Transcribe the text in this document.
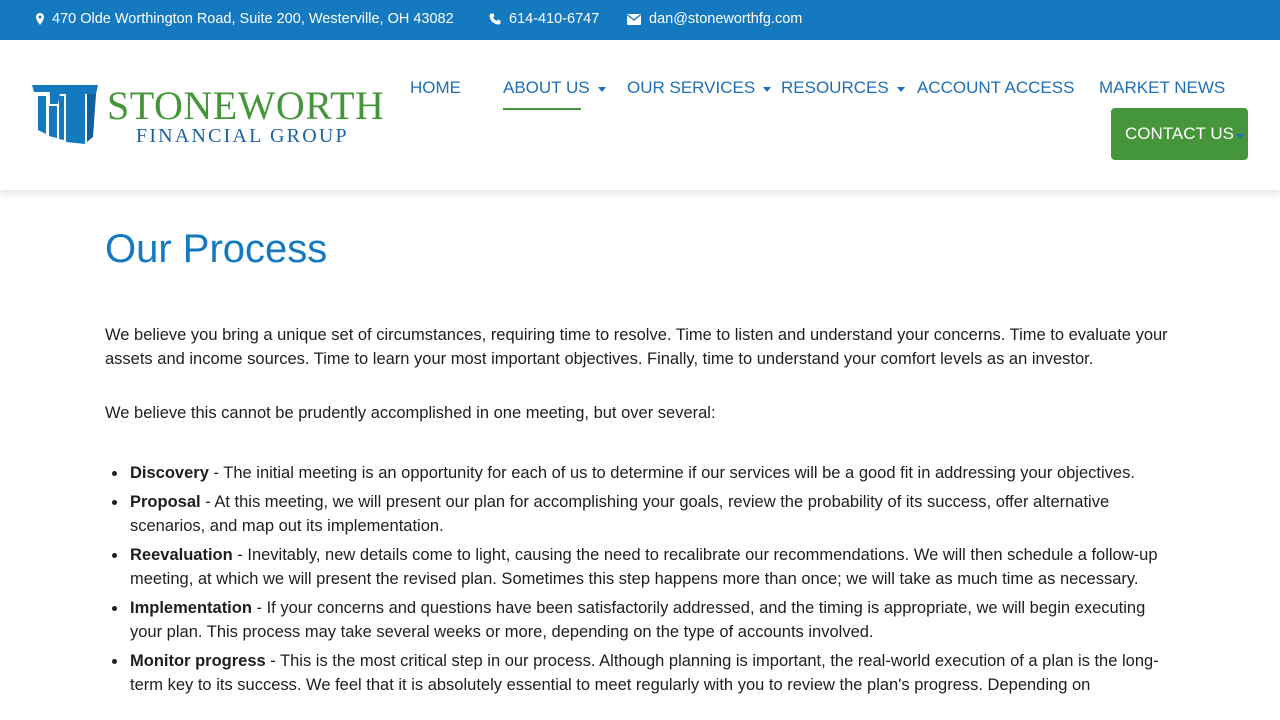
470 Olde Worthington Road, Suite 200, Westerville, OH 43082	614-410-6747	dan@stoneworthfg.com
STONEWORTH
FINANCIAL GROUP
HOME ABOUT US OUR SERVICES RESOURCES ACCOUNT ACCESS MARKET NEWS
CONTACT US
Our Process

We believe you bring a unique set of circumstances, requiring time to resolve. Time to listen and understand your concerns. Time to evaluate your assets and income sources. Time to learn your most important objectives. Finally, time to understand your comfort levels as an investor.

We believe this cannot be prudently accomplished in one meeting, but over several:

Discovery - The initial meeting is an opportunity for each of us to determine if our services will be a good fit in addressing your objectives.
Proposal - At this meeting, we will present our plan for accomplishing your goals, review the probability of its success, offer alternative scenarios, and map out its implementation.
Reevaluation - Inevitably, new details come to light, causing the need to recalibrate our recommendations. We will then schedule a follow-up meeting, at which we will present the revised plan. Sometimes this step happens more than once; we will take as much time as necessary.
Implementation - If your concerns and questions have been satisfactorily addressed, and the timing is appropriate, we will begin executing your plan. This process may take several weeks or more, depending on the type of accounts involved.
Monitor progress - This is the most critical step in our process. Although planning is important, the real-world execution of a plan is the long-term key to its success. We feel that it is absolutely essential to meet regularly with you to review the plan's progress. Depending on
